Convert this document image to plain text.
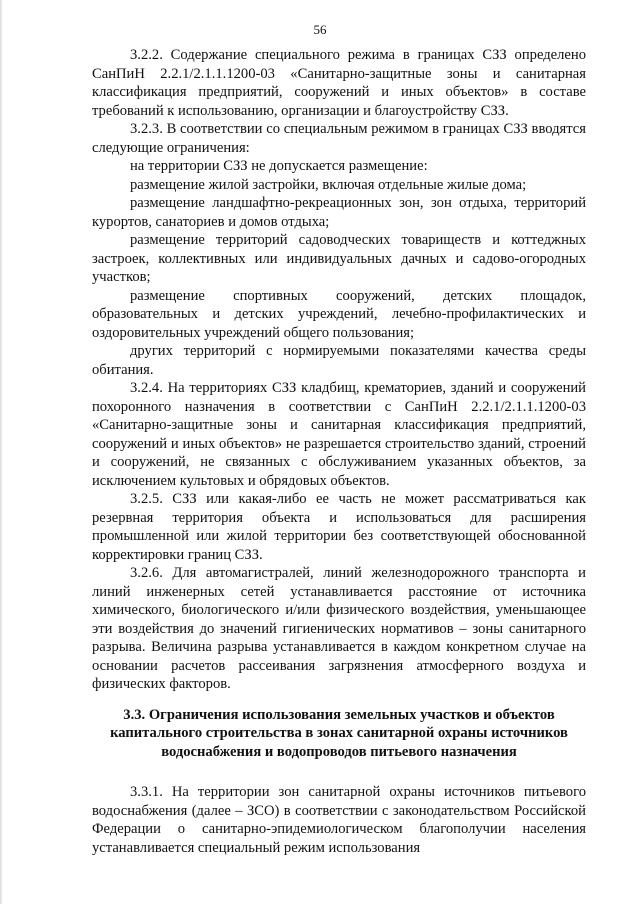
56

3.2.2. Содержание специального режима в границах СЗЗ определено СанПиН 2.2.1/2.1.1.1200-03 «Санитарно-защитные зоны и санитарная классификация предприятий, сооружений и иных объектов» в составе требований к использованию, организации и благоустройству СЗЗ.

3.2.3. В соответствии со специальным режимом в границах СЗЗ вводятся следующие ограничения:

на территории СЗЗ не допускается размещение:

размещение жилой застройки, включая отдельные жилые дома;

размещение ландшафтно-рекреационных зон, зон отдыха, территорий курортов, санаториев и домов отдыха;

размещение территорий садоводческих товариществ и коттеджных застроек, коллективных или индивидуальных дачных и садово-огородных участков;

размещение спортивных сооружений, детских площадок, образовательных и детских учреждений, лечебно-профилактических и оздоровительных учреждений общего пользования;

других территорий с нормируемыми показателями качества среды обитания.

3.2.4. На территориях СЗЗ кладбищ, крематориев, зданий и сооружений похоронного назначения в соответствии с СанПиН 2.2.1/2.1.1.1200-03 «Санитарно-защитные зоны и санитарная классификация предприятий, сооружений и иных объектов» не разрешается строительство зданий, строений и сооружений, не связанных с обслуживанием указанных объектов, за исключением культовых и обрядовых объектов.

3.2.5. СЗЗ или какая-либо ее часть не может рассматриваться как резервная территория объекта и использоваться для расширения промышленной или жилой территории без соответствующей обоснованной корректировки границ СЗЗ.

3.2.6. Для автомагистралей, линий железнодорожного транспорта и линий инженерных сетей устанавливается расстояние от источника химического, биологического и/или физического воздействия, уменьшающее эти воздействия до значений гигиенических нормативов – зоны санитарного разрыва. Величина разрыва устанавливается в каждом конкретном случае на основании расчетов рассеивания загрязнения атмосферного воздуха и физических факторов.

3.3. Ограничения использования земельных участков и объектов капитального строительства в зонах санитарной охраны источников водоснабжения и водопроводов питьевого назначения

3.3.1. На территории зон санитарной охраны источников питьевого водоснабжения (далее – ЗСО) в соответствии с законодательством Российской Федерации о санитарно-эпидемиологическом благополучии населения устанавливается специальный режим использования
